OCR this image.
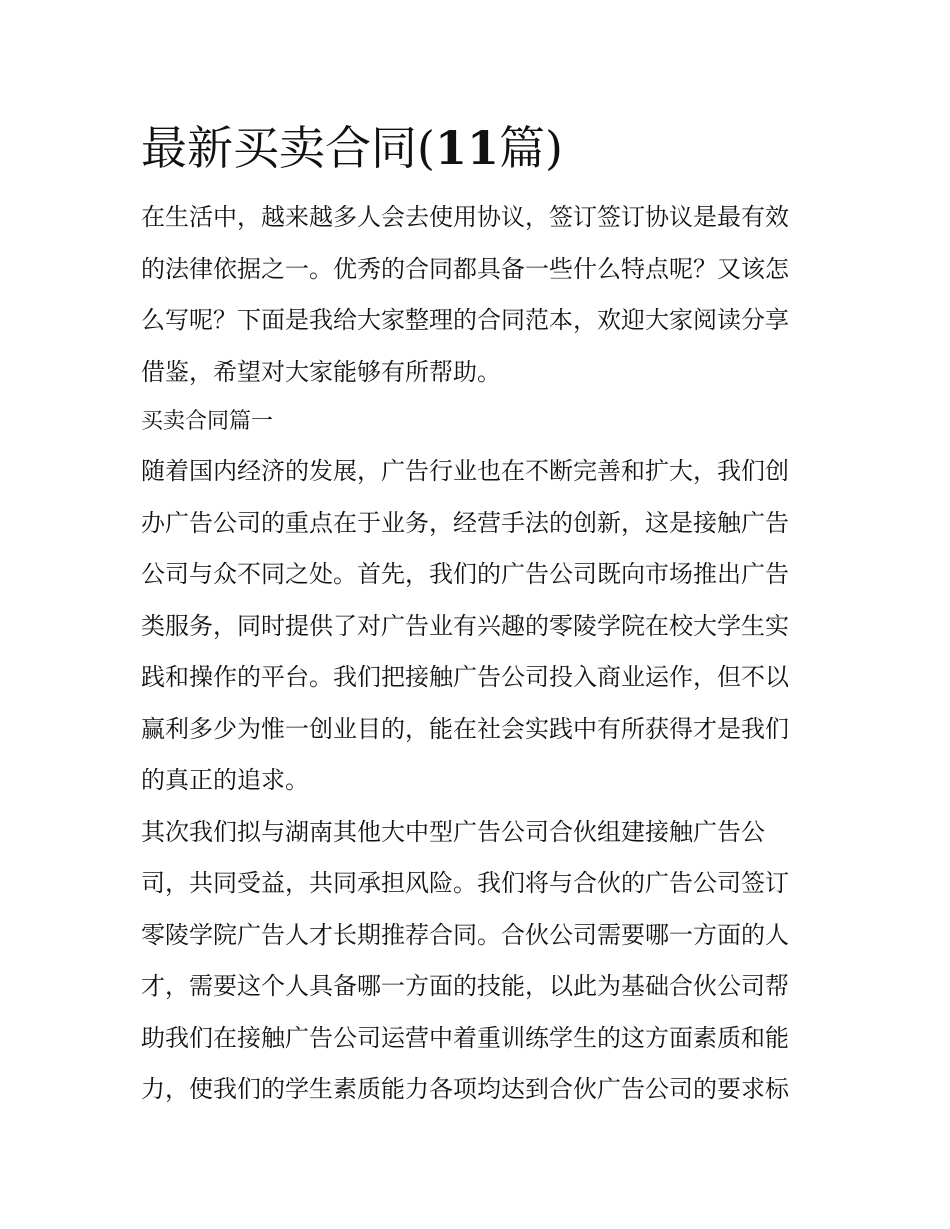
最新买卖合同(11篇)
在生活中，越来越多人会去使用协议，签订签订协议是最有效
的法律依据之一。优秀的合同都具备一些什么特点呢？又该怎
么写呢？下面是我给大家整理的合同范本，欢迎大家阅读分享
借鉴，希望对大家能够有所帮助。
买卖合同篇一
随着国内经济的发展，广告行业也在不断完善和扩大，我们创
办广告公司的重点在于业务，经营手法的创新，这是接触广告
公司与众不同之处。首先，我们的广告公司既向市场推出广告
类服务，同时提供了对广告业有兴趣的零陵学院在校大学生实
践和操作的平台。我们把接触广告公司投入商业运作，但不以
赢利多少为惟一创业目的，能在社会实践中有所获得才是我们
的真正的追求。
其次我们拟与湖南其他大中型广告公司合伙组建接触广告公
司，共同受益，共同承担风险。我们将与合伙的广告公司签订
零陵学院广告人才长期推荐合同。合伙公司需要哪一方面的人
才，需要这个人具备哪一方面的技能，以此为基础合伙公司帮
助我们在接触广告公司运营中着重训练学生的这方面素质和能
力，使我们的学生素质能力各项均达到合伙广告公司的要求标
